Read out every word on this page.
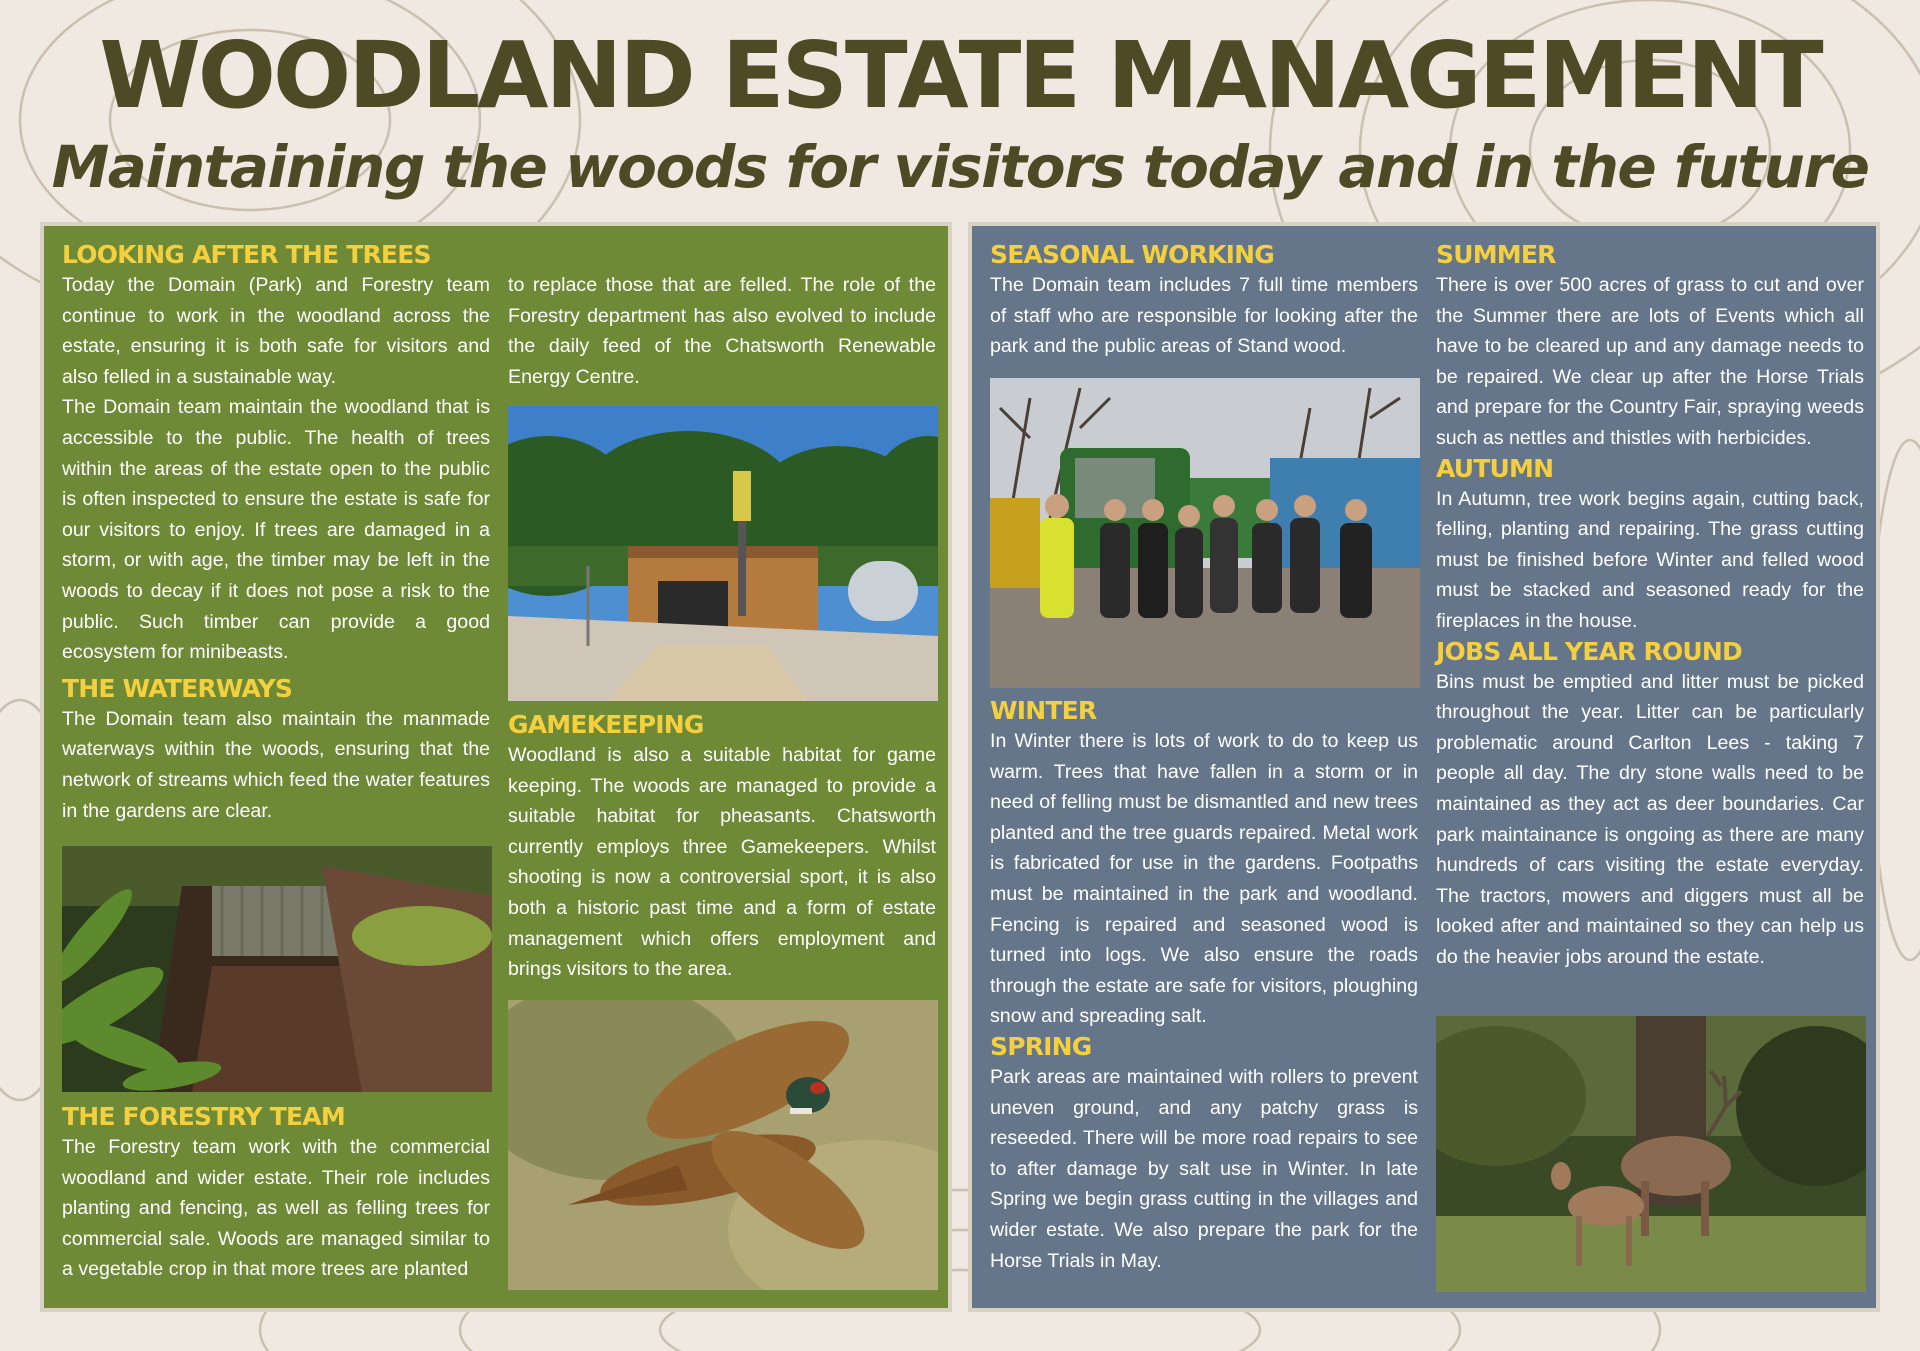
WOODLAND ESTATE MANAGEMENT
Maintaining the woods for visitors today and in the future
LOOKING AFTER THE TREES

Today the Domain (Park) and Forestry team continue to work in the woodland across the estate, ensuring it is both safe for visitors and also felled in a sustainable way.

The Domain team maintain the woodland that is accessible to the public. The health of trees within the areas of the estate open to the public is often inspected to ensure the estate is safe for our visitors to enjoy. If trees are damaged in a storm, or with age, the timber may be left in the woods to decay if it does not pose a risk to the public. Such timber can provide a good ecosystem for minibeasts.

THE WATERWAYS

The Domain team also maintain the manmade waterways within the woods, ensuring that the network of streams which feed the water features in the gardens are clear.

THE FORESTRY TEAM

The Forestry team work with the commercial woodland and wider estate. Their role includes planting and fencing, as well as felling trees for commercial sale. Woods are managed similar to a vegetable crop in that more trees are planted

to replace those that are felled. The role of the Forestry department has also evolved to include the daily feed of the Chatsworth Renewable Energy Centre.

GAMEKEEPING

Woodland is also a suitable habitat for game keeping. The woods are managed to provide a suitable habitat for pheasants. Chatsworth currently employs three Gamekeepers. Whilst shooting is now a controversial sport, it is also both a historic past time and a form of estate management which offers employment and brings visitors to the area.

SEASONAL WORKING

The Domain team includes 7 full time members of staff who are responsible for looking after the park and the public areas of Stand wood.

WINTER

In Winter there is lots of work to do to keep us warm. Trees that have fallen in a storm or in need of felling must be dismantled and new trees planted and the tree guards repaired. Metal work is fabricated for use in the gardens. Footpaths must be maintained in the park and woodland. Fencing is repaired and seasoned wood is turned into logs. We also ensure the roads through the estate are safe for visitors, ploughing snow and spreading salt.

SPRING

Park areas are maintained with rollers to prevent uneven ground, and any patchy grass is reseeded. There will be more road repairs to see to after damage by salt use in Winter. In late Spring we begin grass cutting in the villages and wider estate. We also prepare the park for the Horse Trials in May.

SUMMER

There is over 500 acres of grass to cut and over the Summer there are lots of Events which all have to be cleared up and any damage needs to be repaired. We clear up after the Horse Trials and prepare for the Country Fair, spraying weeds such as nettles and thistles with herbicides.

AUTUMN

In Autumn, tree work begins again, cutting back, felling, planting and repairing. The grass cutting must be finished before Winter and felled wood must be stacked and seasoned ready for the fireplaces in the house.

JOBS ALL YEAR ROUND

Bins must be emptied and litter must be picked throughout the year. Litter can be particularly problematic around Carlton Lees - taking 7 people all day. The dry stone walls need to be maintained as they act as deer boundaries. Car park maintainance is ongoing as there are many hundreds of cars visiting the estate everyday. The tractors, mowers and diggers must all be looked after and maintained so they can help us do the heavier jobs around the estate.
